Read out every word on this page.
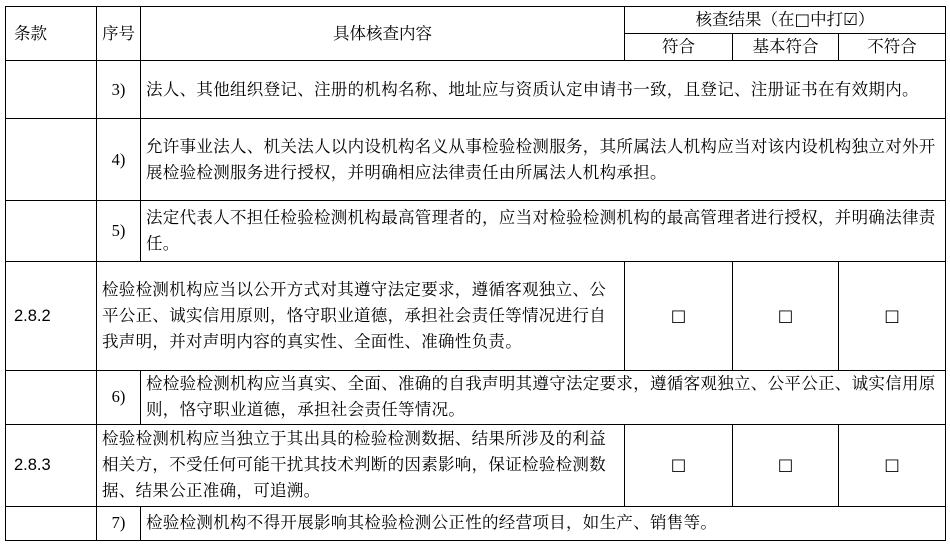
条款	序号	具体核查内容	核查结果（在□中打☑）		
			符合	基本符合	不符合
	3)	法人、其他组织登记、注册的机构名称、地址应与资质认定申请书一致，且登记、注册证书在有效期内。			
	4)	允许事业法人、机关法人以内设机构名义从事检验检测服务，其所属法人机构应当对该内设机构独立对外开展检验检测服务进行授权，并明确相应法律责任由所属法人机构承担。			
	5)	法定代表人不担任检验检测机构最高管理者的，应当对检验检测机构的最高管理者进行授权，并明确法律责任。			
2.8.2	检验检测机构应当以公开方式对其遵守法定要求，遵循客观独立、公平公正、诚实信用原则，恪守职业道德，承担社会责任等情况进行自我声明，并对声明内容的真实性、全面性、准确性负责。		□	□	□
	6)	检检验检测机构应当真实、全面、准确的自我声明其遵守法定要求，遵循客观独立、公平公正、诚实信用原则，恪守职业道德，承担社会责任等情况。			
2.8.3	检验检测机构应当独立于其出具的检验检测数据、结果所涉及的利益相关方，不受任何可能干扰其技术判断的因素影响，保证检验检测数据、结果公正准确，可追溯。		□	□	□
	7)	检验检测机构不得开展影响其检验检测公正性的经营项目，如生产、销售等。			
